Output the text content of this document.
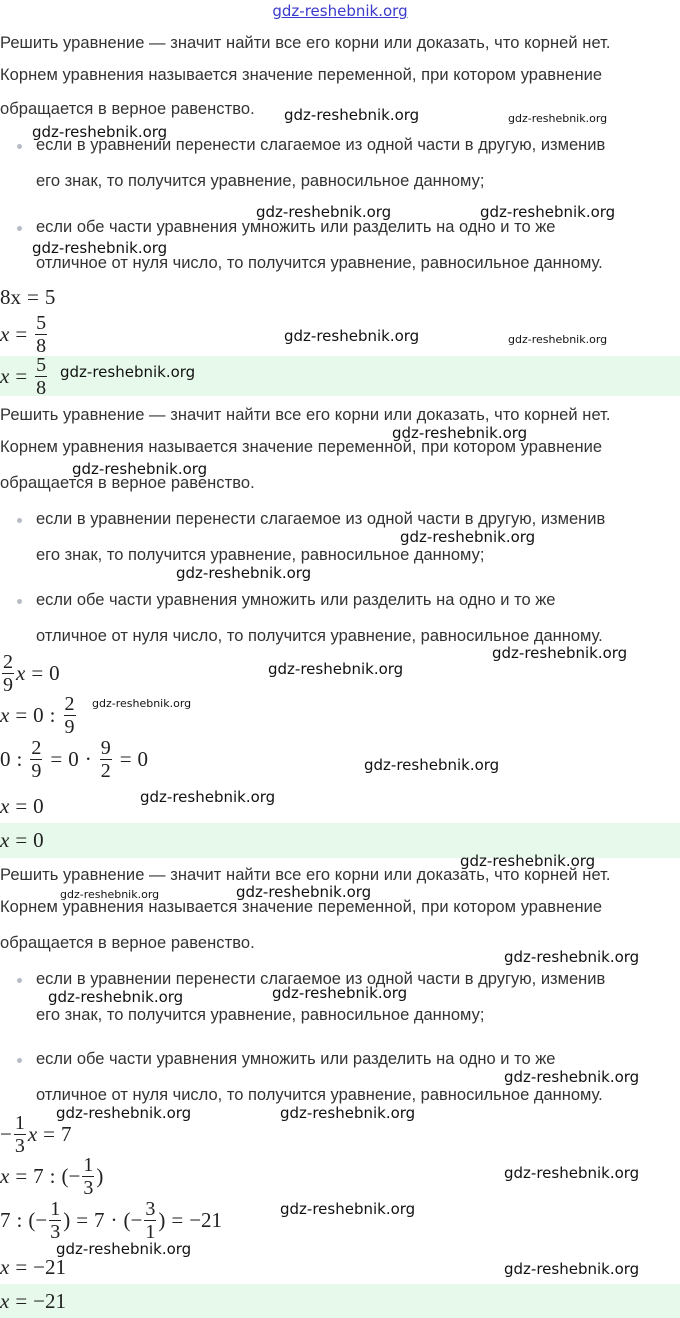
gdz-reshebnik.org
Решить уравнение — значит найти все его корни или доказать, что корней нет.
Корнем уравнения называется значение переменной, при котором уравнение
обращается в верное равенство.
если в уравнении перенести слагаемое из одной части в другую, изменив
его знак, то получится уравнение, равносильное данному;
если обе части уравнения умножить или разделить на одно и то же
отличное от нуля число, то получится уравнение, равносильное данному.
8x = 5
$x = \frac{5}{8}$
$x = \frac{5}{8}$
Решить уравнение — значит найти все его корни или доказать, что корней нет.
Корнем уравнения называется значение переменной, при котором уравнение
обращается в верное равенство.
если в уравнении перенести слагаемое из одной части в другую, изменив
его знак, то получится уравнение, равносильное данному;
если обе части уравнения умножить или разделить на одно и то же
отличное от нуля число, то получится уравнение, равносильное данному.
$\frac{2}{9}$ x = 0
x = 0 : $\frac{2}{9}$
0 : $\frac{2}{9} = 0 \cdot \frac{9}{2} = 0$
x = 0
x = 0
Решить уравнение — значит найти все его корни или доказать, что корней нет.
Корнем уравнения называется значение переменной, при котором уравнение
обращается в верное равенство.
если в уравнении перенести слагаемое из одной части в другую, изменив
его знак, то получится уравнение, равносильное данному;
если обе части уравнения умножить или разделить на одно и то же
отличное от нуля число, то получится уравнение, равносильное данному.
− $\frac{1}{3}$ x = 7
x = 7 : (− $\frac{1}{3}$ )
7 : (− $\frac{1}{3}$ ) = 7 · (− $\frac{3}{1}$ ) = −21
x = −21
x = −21
gdz-reshebnik.org	gdz-reshebnik.org
gdz-reshebnik.org
gdz-reshebnik.org	gdz-reshebnik.org
gdz-reshebnik.org
gdz-reshebnik.org	gdz-reshebnik.org
gdz-reshebnik.org
gdz-reshebnik.org
gdz-reshebnik.org
gdz-reshebnik.org
gdz-reshebnik.org
gdz-reshebnik.org
gdz-reshebnik.org
gdz-reshebnik.org
gdz-reshebnik.org
gdz-reshebnik.org
gdz-reshebnik.org
gdz-reshebnik.org	gdz-reshebnik.org
gdz-reshebnik.org
gdz-reshebnik.org
gdz-reshebnik.org
gdz-reshebnik.org
gdz-reshebnik.org	gdz-reshebnik.org
gdz-reshebnik.org
gdz-reshebnik.org
gdz-reshebnik.org
gdz-reshebnik.org
